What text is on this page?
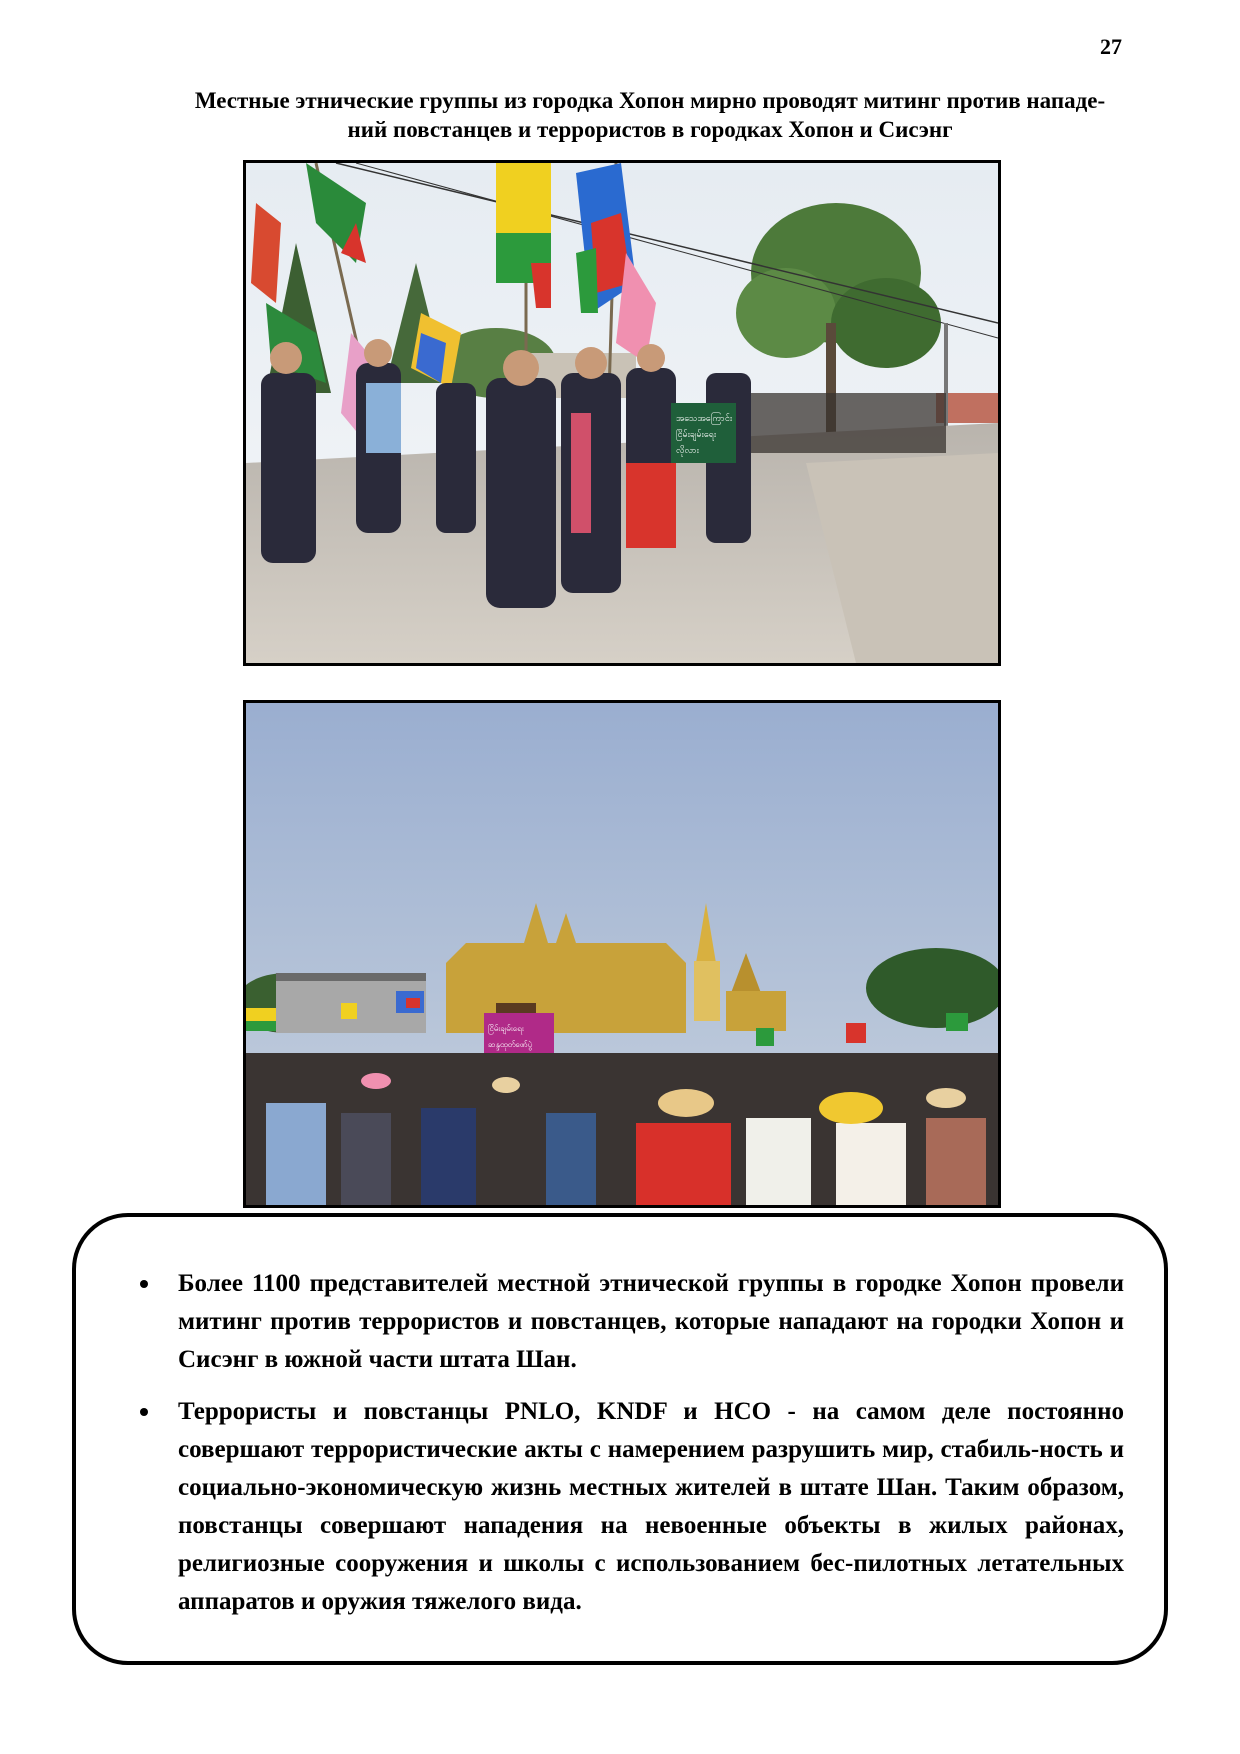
27
Местные этнические группы из городка Хопон мирно проводят митинг против нападе-
ний повстанцев и террористов в городках Хопон и Сисэнг
အသေအကြောင်း
ငြိမ်းချမ်းရေး
လိုလား
ငြိမ်းချမ်းရေး
ဆန္ဒထုတ်ဖော်ပွဲ
Более 1100 представителей местной этнической группы в городке Хопон провели митинг против террористов и повстанцев, которые нападают на городки Хопон и Сисэнг в южной части штата Шан.
Террористы и повстанцы PNLO, KNDF и HCO - на самом деле постоянно совершают террористические акты с намерением разрушить мир, стабиль-ность и социально-экономическую жизнь местных жителей в штате Шан. Таким образом, повстанцы совершают нападения на невоенные объекты в жилых районах, религиозные сооружения и школы с использованием бес-пилотных летательных аппаратов и оружия тяжелого вида.
